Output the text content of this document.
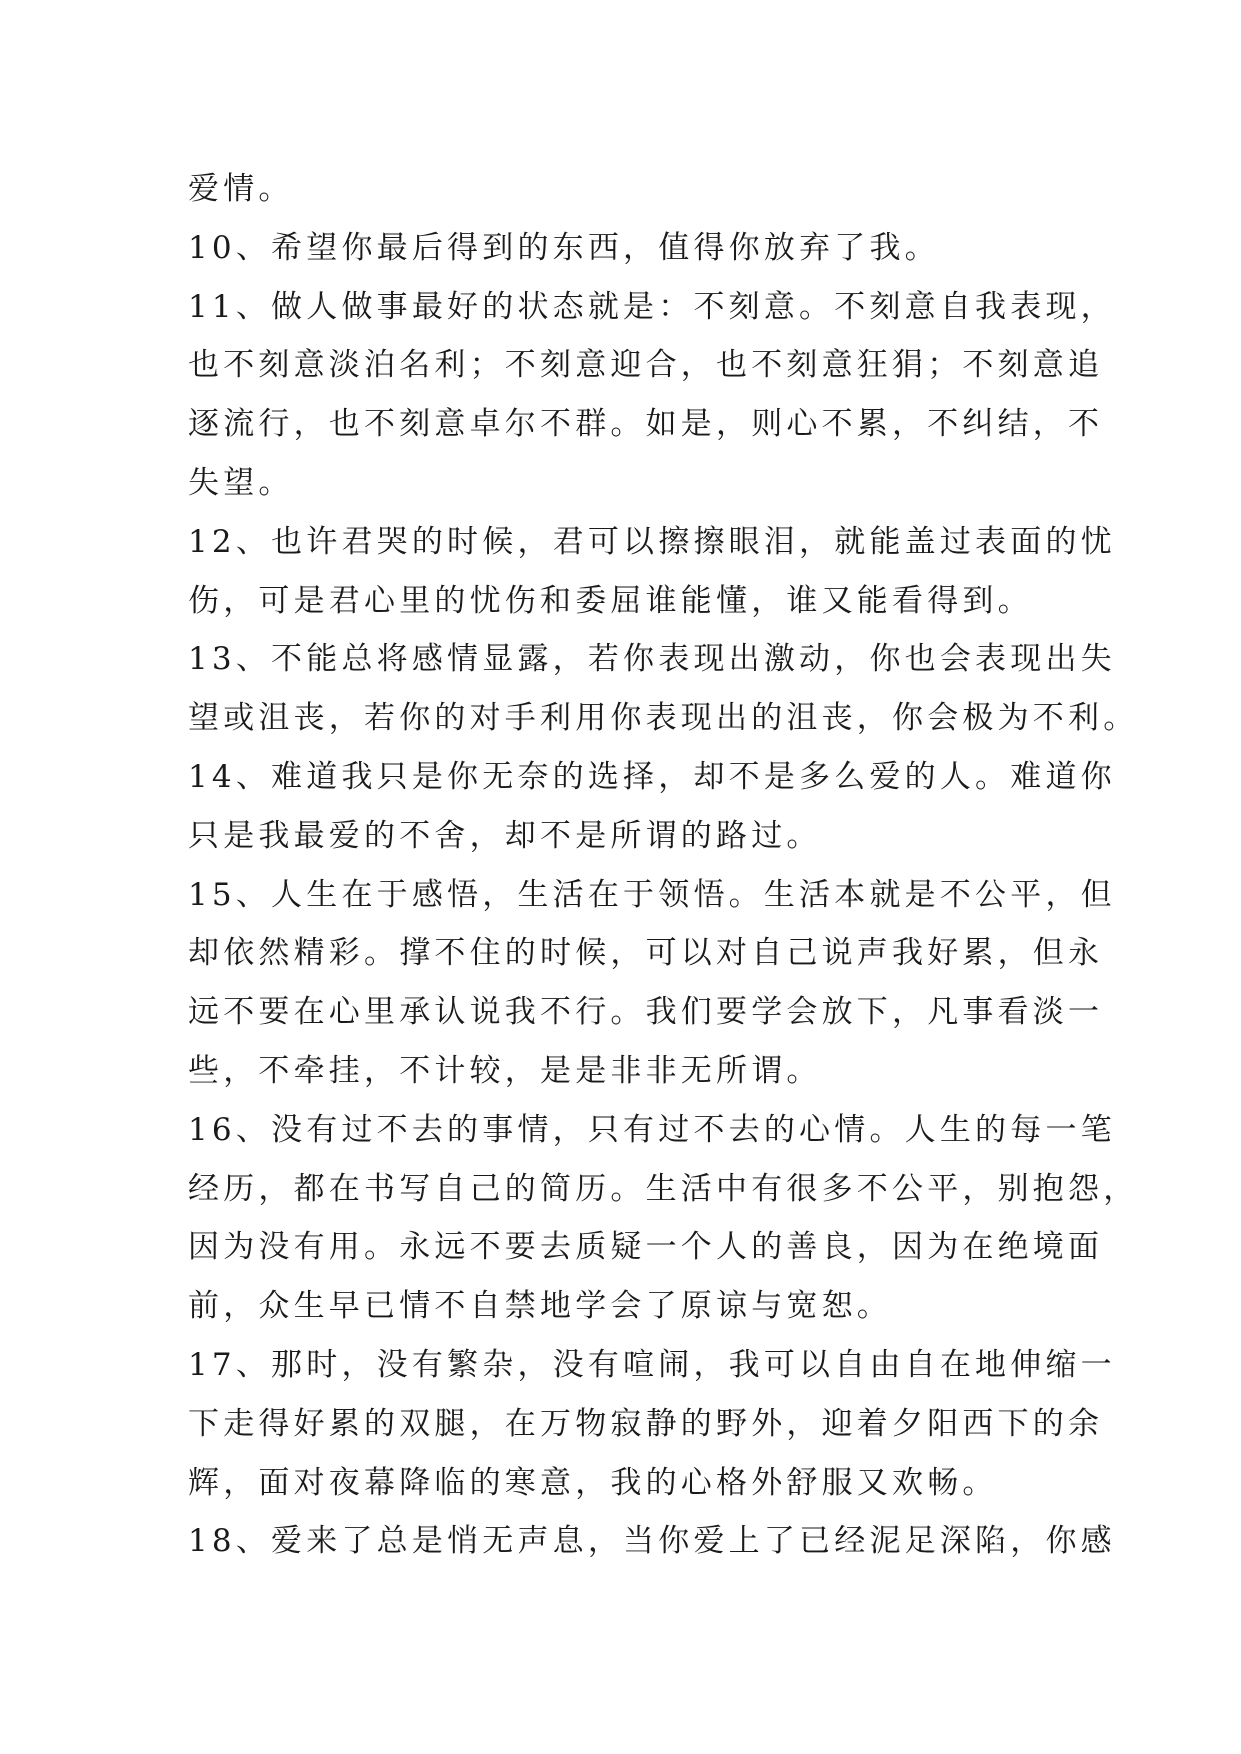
爱情。
10、希望你最后得到的东西，值得你放弃了我。
11、做人做事最好的状态就是：不刻意。不刻意自我表现，
也不刻意淡泊名利；不刻意迎合，也不刻意狂狷；不刻意追
逐流行，也不刻意卓尔不群。如是，则心不累，不纠结，不
失望。
12、也许君哭的时候，君可以擦擦眼泪，就能盖过表面的忧
伤，可是君心里的忧伤和委屈谁能懂，谁又能看得到。
13、不能总将感情显露，若你表现出激动，你也会表现出失
望或沮丧，若你的对手利用你表现出的沮丧，你会极为不利。
14、难道我只是你无奈的选择，却不是多么爱的人。难道你
只是我最爱的不舍，却不是所谓的路过。
15、人生在于感悟，生活在于领悟。生活本就是不公平，但
却依然精彩。撑不住的时候，可以对自己说声我好累，但永
远不要在心里承认说我不行。我们要学会放下，凡事看淡一
些，不牵挂，不计较，是是非非无所谓。
16、没有过不去的事情，只有过不去的心情。人生的每一笔
经历，都在书写自己的简历。生活中有很多不公平，别抱怨，
因为没有用。永远不要去质疑一个人的善良，因为在绝境面
前，众生早已情不自禁地学会了原谅与宽恕。
17、那时，没有繁杂，没有喧闹，我可以自由自在地伸缩一
下走得好累的双腿，在万物寂静的野外，迎着夕阳西下的余
辉，面对夜幕降临的寒意，我的心格外舒服又欢畅。
18、爱来了总是悄无声息，当你爱上了已经泥足深陷，你感
